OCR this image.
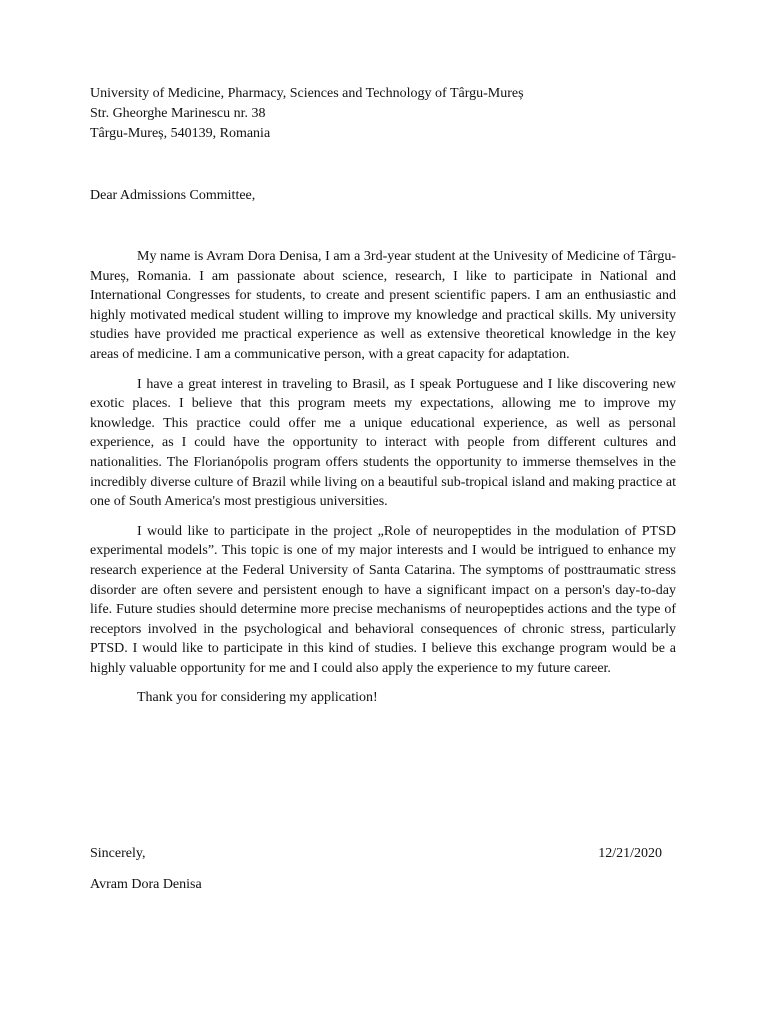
University of Medicine, Pharmacy, Sciences and Technology of Târgu-Mureș
Str. Gheorghe Marinescu nr. 38
Târgu-Mureș, 540139, Romania
Dear Admissions Committee,

My name is Avram Dora Denisa, I am a 3rd-year student at the Univesity of Medicine of Târgu-Mureș, Romania. I am passionate about science, research, I like to participate in National and International Congresses for students, to create and present scientific papers. I am an enthusiastic and highly motivated medical student willing to improve my knowledge and practical skills. My university studies have provided me practical experience as well as extensive theoretical knowledge in the key areas of medicine. I am a communicative person, with a great capacity for adaptation.

I have a great interest in traveling to Brasil, as I speak Portuguese and I like discovering new exotic places. I believe that this program meets my expectations, allowing me to improve my knowledge. This practice could offer me a unique educational experience, as well as personal experience, as I could have the opportunity to interact with people from different cultures and nationalities. The Florianópolis program offers students the opportunity to immerse themselves in the incredibly diverse culture of Brazil while living on a beautiful sub-tropical island and making practice at one of South America's most prestigious universities.

I would like to participate in the project „Role of neuropeptides in the modulation of PTSD experimental models”. This topic is one of my major interests and I would be intrigued to enhance my research experience at the Federal University of Santa Catarina. The symptoms of posttraumatic stress disorder are often severe and persistent enough to have a significant impact on a person's day-to-day life. Future studies should determine more precise mechanisms of neuropeptides actions and the type of receptors involved in the psychological and behavioral consequences of chronic stress, particularly PTSD. I would like to participate in this kind of studies. I believe this exchange program would be a highly valuable opportunity for me and I could also apply the experience to my future career.

Thank you for considering my application!

Sincerely,	12/21/2020
Avram Dora Denisa
